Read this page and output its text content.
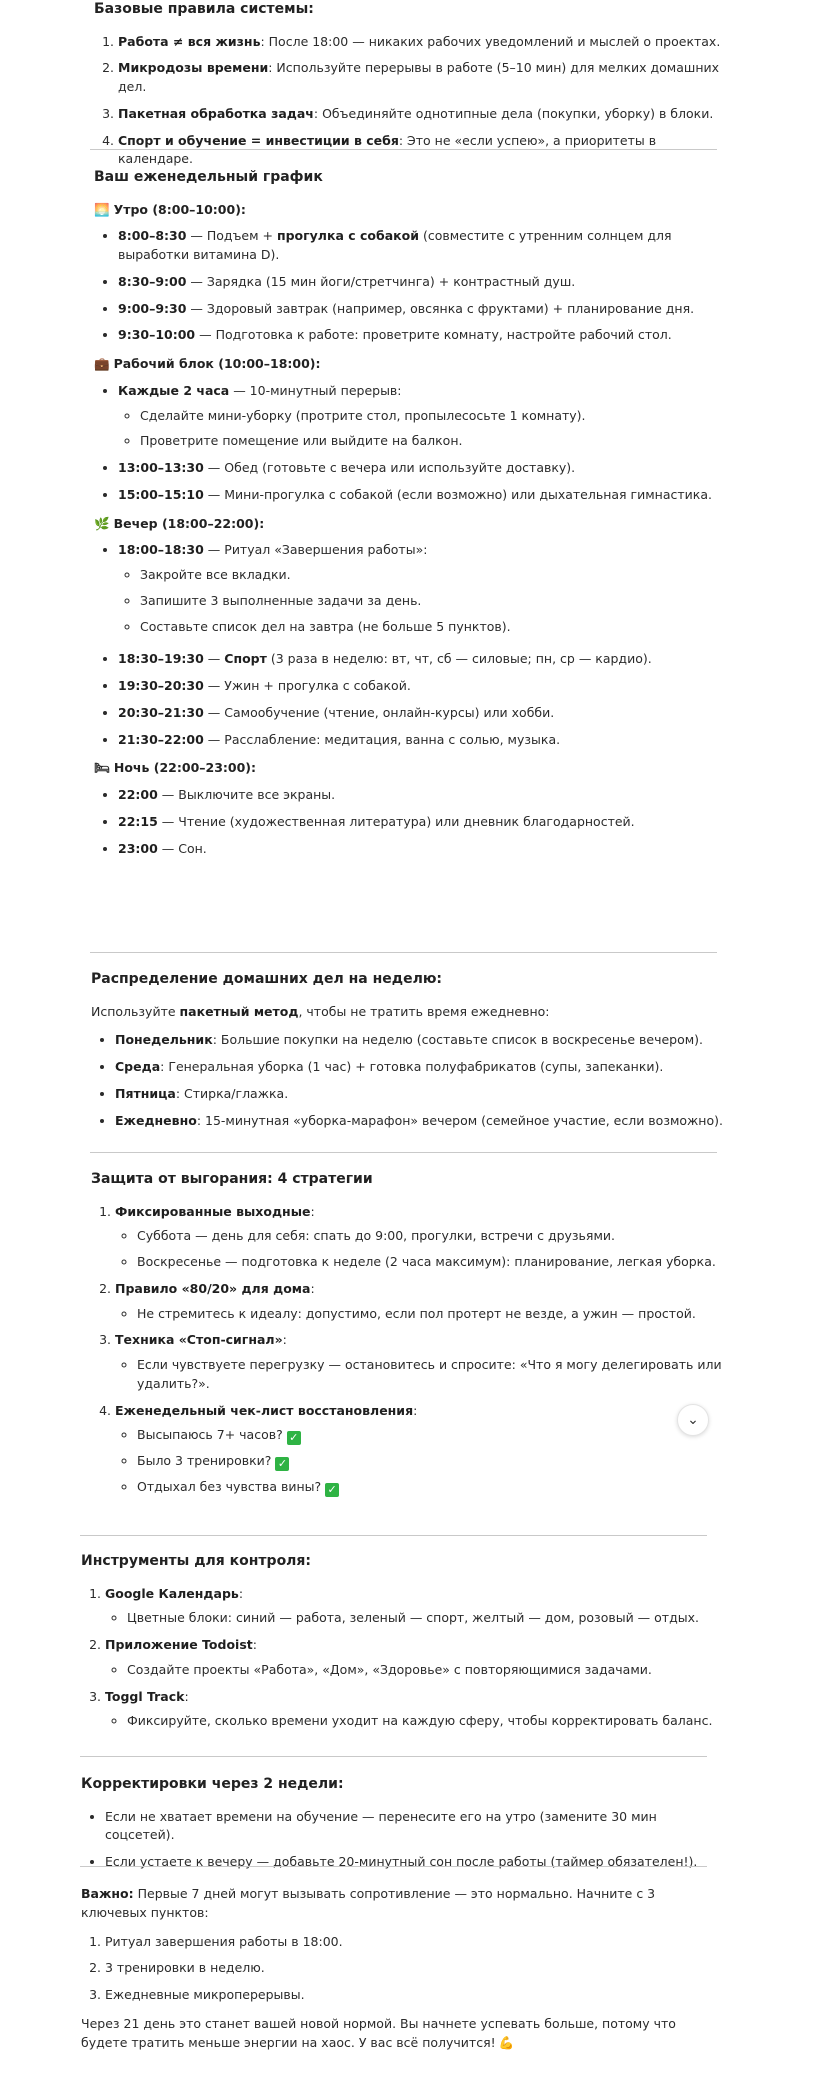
Базовые правила системы:
1. Работа ≠ вся жизнь: После 18:00 — никаких рабочих уведомлений и мыслей о проектах.
2. Микродозы времени: Используйте перерывы в работе (5–10 мин) для мелких домашних дел.
3. Пакетная обработка задач: Объединяйте однотипные дела (покупки, уборку) в блоки.
4. Спорт и обучение = инвестиции в себя: Это не «если успею», а приоритеты в календаре.
Ваш еженедельный график
🌅 Утро (8:00–10:00):
• 8:00–8:30 — Подъем + прогулка с собакой (совместите с утренним солнцем для выработки витамина D).
• 8:30–9:00 — Зарядка (15 мин йоги/стретчинга) + контрастный душ.
• 9:00–9:30 — Здоровый завтрак (например, овсянка с фруктами) + планирование дня.
• 9:30–10:00 — Подготовка к работе: проветрите комнату, настройте рабочий стол.
💼 Рабочий блок (10:00–18:00):
• Каждые 2 часа — 10-минутный перерыв:
◦ Сделайте мини-уборку (протрите стол, пропылесосьте 1 комнату).
◦ Проветрите помещение или выйдите на балкон.
• 13:00–13:30 — Обед (готовьте с вечера или используйте доставку).
• 15:00–15:10 — Мини-прогулка с собакой (если возможно) или дыхательная гимнастика.
🌿 Вечер (18:00–22:00):
• 18:00–18:30 — Ритуал «Завершения работы»:
◦ Закройте все вкладки.
◦ Запишите 3 выполненные задачи за день.
◦ Составьте список дел на завтра (не больше 5 пунктов).
• 18:30–19:30 — Спорт (3 раза в неделю: вт, чт, сб — силовые; пн, ср — кардио).
• 19:30–20:30 — Ужин + прогулка с собакой.
• 20:30–21:30 — Самообучение (чтение, онлайн-курсы) или хобби.
• 21:30–22:00 — Расслабление: медитация, ванна с солью, музыка.
🛏 Ночь (22:00–23:00):
• 22:00 — Выключите все экраны.
• 22:15 — Чтение (художественная литература) или дневник благодарностей.
• 23:00 — Сон.
Распределение домашних дел на неделю:

Используйте пакетный метод, чтобы не тратить время ежедневно:

• Понедельник: Большие покупки на неделю (составьте список в воскресенье вечером).
• Среда: Генеральная уборка (1 час) + готовка полуфабрикатов (супы, запеканки).
• Пятница: Стирка/глажка.
• Ежедневно: 15-минутная «уборка-марафон» вечером (семейное участие, если возможно).
Защита от выгорания: 4 стратегии
1. Фиксированные выходные:
◦ Суббота — день для себя: спать до 9:00, прогулки, встречи с друзьями.
◦ Воскресенье — подготовка к неделе (2 часа максимум): планирование, легкая уборка.
2. Правило «80/20» для дома:
◦ Не стремитесь к идеалу: допустимо, если пол протерт не везде, а ужин — простой.
3. Техника «Стоп-сигнал»:
◦ Если чувствуете перегрузку — остановитесь и спросите: «Что я могу делегировать или удалить?».
4. Еженедельный чек-лист восстановления:
◦ Высыпаюсь 7+ часов? ✓
◦ Было 3 тренировки? ✓
◦ Отдыхал без чувства вины? ✓
Инструменты для контроля:
1. Google Календарь:
◦ Цветные блоки: синий — работа, зеленый — спорт, желтый — дом, розовый — отдых.
2. Приложение Todoist:
◦ Создайте проекты «Работа», «Дом», «Здоровье» с повторяющимися задачами.
3. Toggl Track:
◦ Фиксируйте, сколько времени уходит на каждую сферу, чтобы корректировать баланс.
Корректировки через 2 недели:
• Если не хватает времени на обучение — перенесите его на утро (замените 30 мин соцсетей).
• Если устаете к вечеру — добавьте 20-минутный сон после работы (таймер обязателен!).

Важно: Первые 7 дней могут вызывать сопротивление — это нормально. Начните с 3 ключевых пунктов:

1. Ритуал завершения работы в 18:00.
2. 3 тренировки в неделю.
3. Ежедневные микроперерывы.

Через 21 день это станет вашей новой нормой. Вы начнете успевать больше, потому что будете тратить меньше энергии на хаос. У вас всё получится! 💪

⌄
